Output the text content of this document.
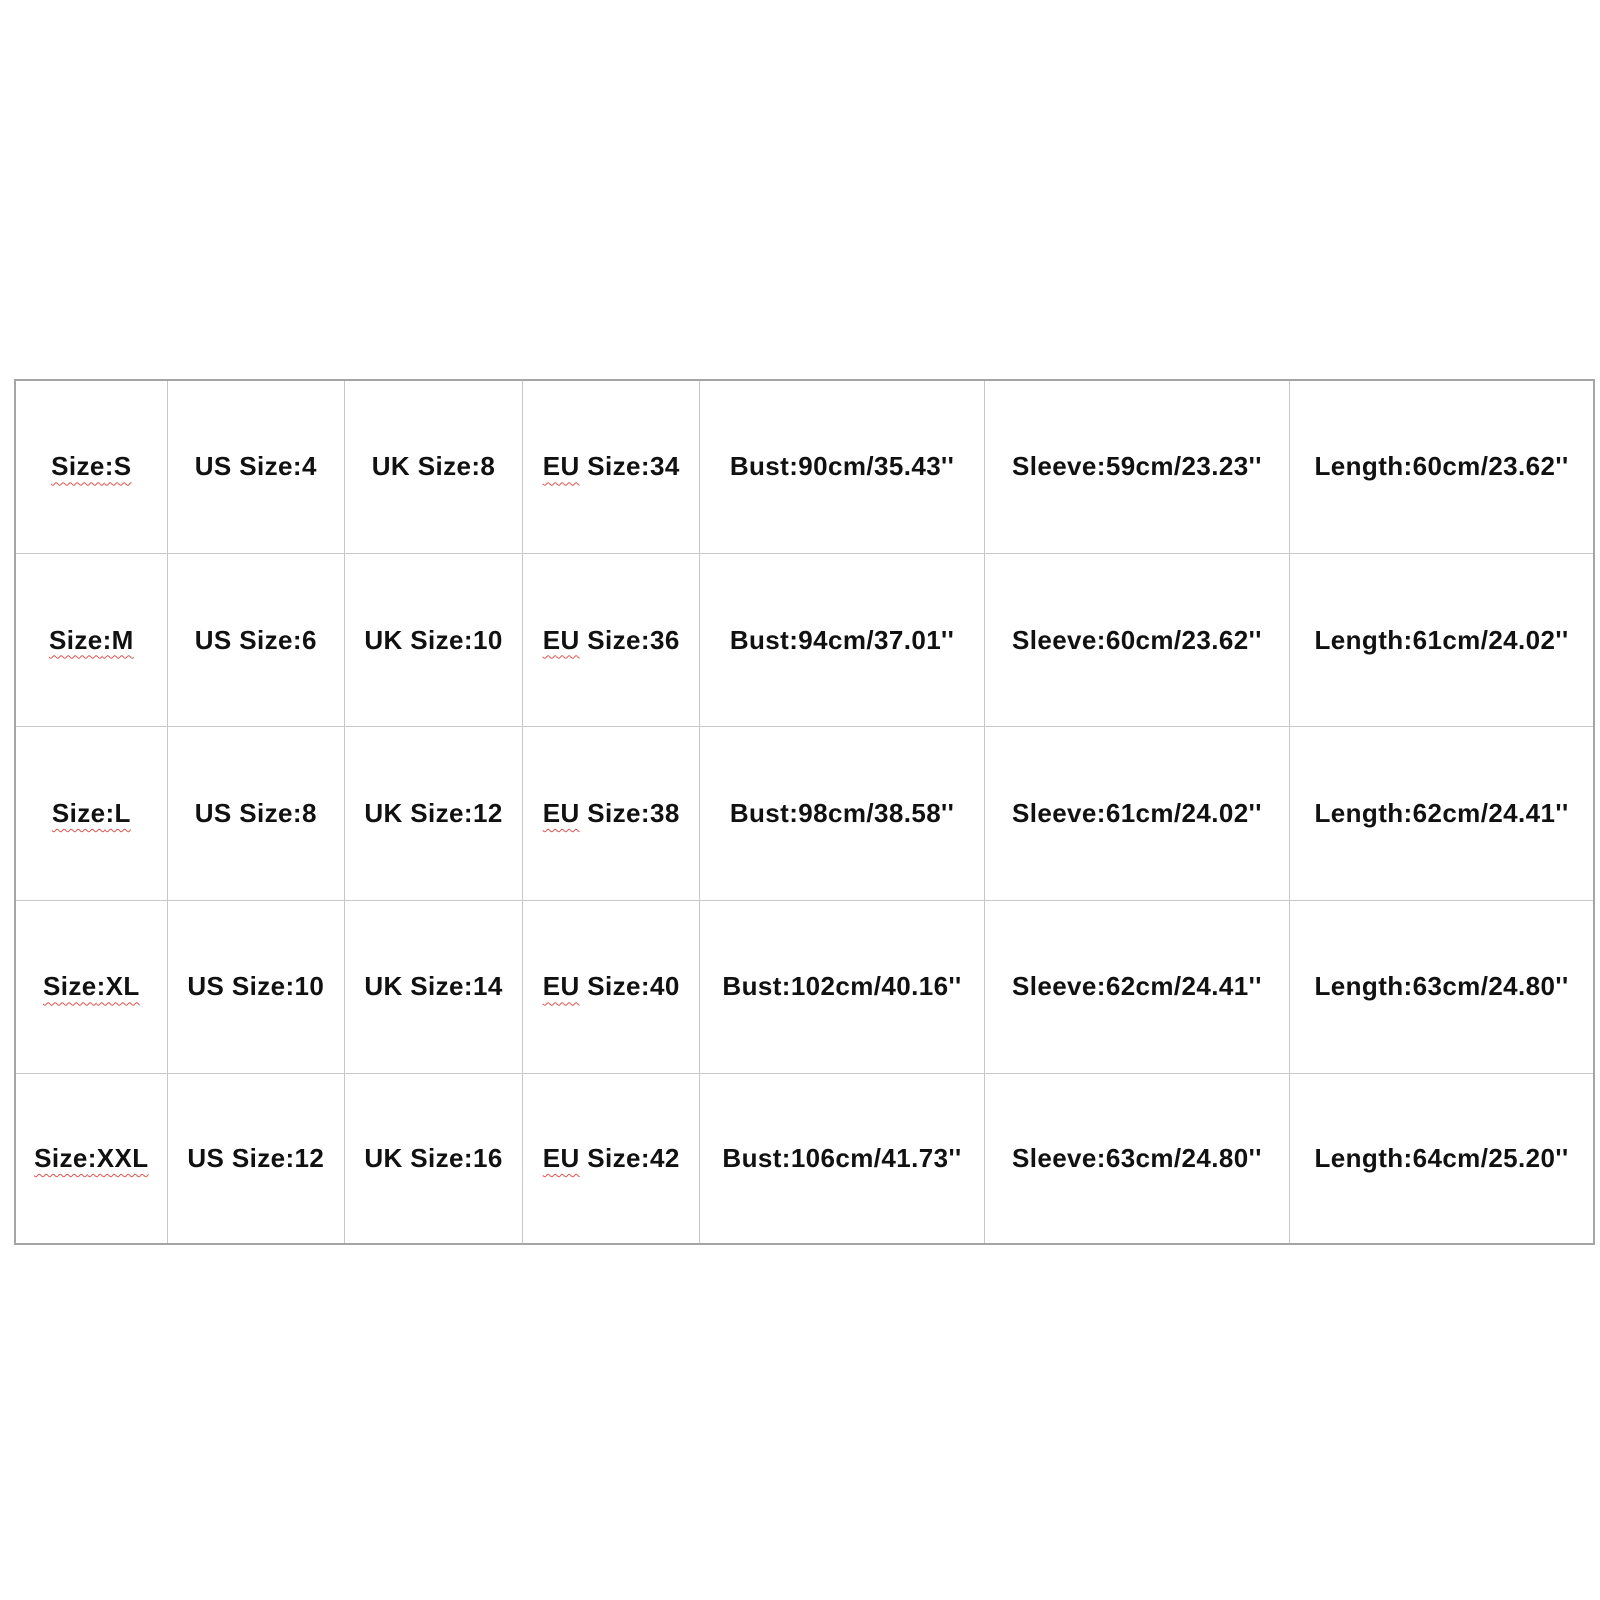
Size:S	US Size:4	UK Size:8	EU Size:34	Bust:90cm/35.43''	Sleeve:59cm/23.23''	Length:60cm/23.62''
Size:M	US Size:6	UK Size:10	EU Size:36	Bust:94cm/37.01''	Sleeve:60cm/23.62''	Length:61cm/24.02''
Size:L	US Size:8	UK Size:12	EU Size:38	Bust:98cm/38.58''	Sleeve:61cm/24.02''	Length:62cm/24.41''
Size:XL	US Size:10	UK Size:14	EU Size:40	Bust:102cm/40.16''	Sleeve:62cm/24.41''	Length:63cm/24.80''
Size:XXL	US Size:12	UK Size:16	EU Size:42	Bust:106cm/41.73''	Sleeve:63cm/24.80''	Length:64cm/25.20''
